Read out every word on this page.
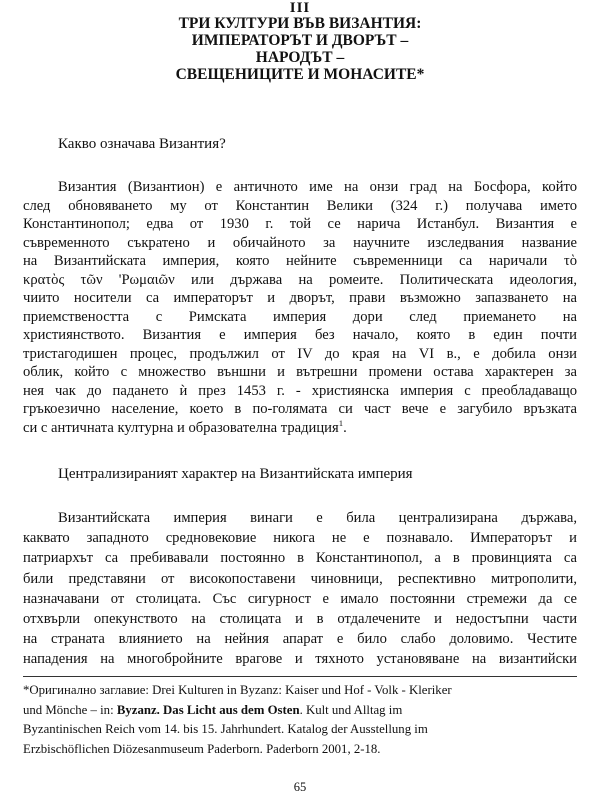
III
ТРИ КУЛТУРИ ВЪВ ВИЗАНТИЯ:
ИМПЕРАТОРЪТ И ДВОРЪТ –
НАРОДЪТ –
СВЕЩЕНИЦИТЕ И МОНАСИТЕ*
Какво означава Византия?
Византия (Византион) е античното име на онзи град на Босфора, който
след обновяването му от Константин Велики (324 г.) получава името
Константинопол; едва от 1930 г. той се нарича Истанбул. Византия е
съвременното съкратено и обичайното за научните изследвания название
на Византийската империя, която нейните съвременници са наричали τὸ
κρατὸς τῶν 'Ρωμαιῶν или държава на ромеите. Политическата идеология,
чиито носители са императорът и дворът, прави възможно запазването на
приемствеността с Римската империя дори след приемането на
християнството. Византия е империя без начало, която в един почти
тристагодишен процес, продължил от IV до края на VI в., е добила онзи
облик, който с множество външни и вътрешни промени остава характерен за
нея чак до падането ѝ през 1453 г. - християнска империя с преобладаващо
гръкоезично население, което в по-голямата си част вече е загубило връзката
си с античната културна и образователна традиция$^1$.
Централизираният характер на Византийската империя
Византийската империя винаги е била централизирана държава,
каквато западното средновековие никога не е познавало. Императорът и
патриархът са пребивавали постоянно в Константинопол, а в провинцията са
били представяни от високопоставени чиновници, респективно митрополити,
назначавани от столицата. Със сигурност е имало постоянни стремежи да се
отхвърли опекунството на столицата и в отдалечените и недостъпни части
на страната влиянието на нейния апарат е било слабо доловимо. Честите
нападения на многобройните врагове и тяхното установяване на византийски
*Оригинално заглавие: Drei Kulturen in Byzanz: Kaiser und Hof - Volk - Kleriker
und Mönche – in: Byzanz. Das Licht aus dem Osten. Kult und Alltag im
Byzantinischen Reich vom 14. bis 15. Jahrhundert. Katalog der Ausstellung im
Erzbischöflichen Diözesanmuseum Paderborn. Paderborn 2001, 2-18.
65
